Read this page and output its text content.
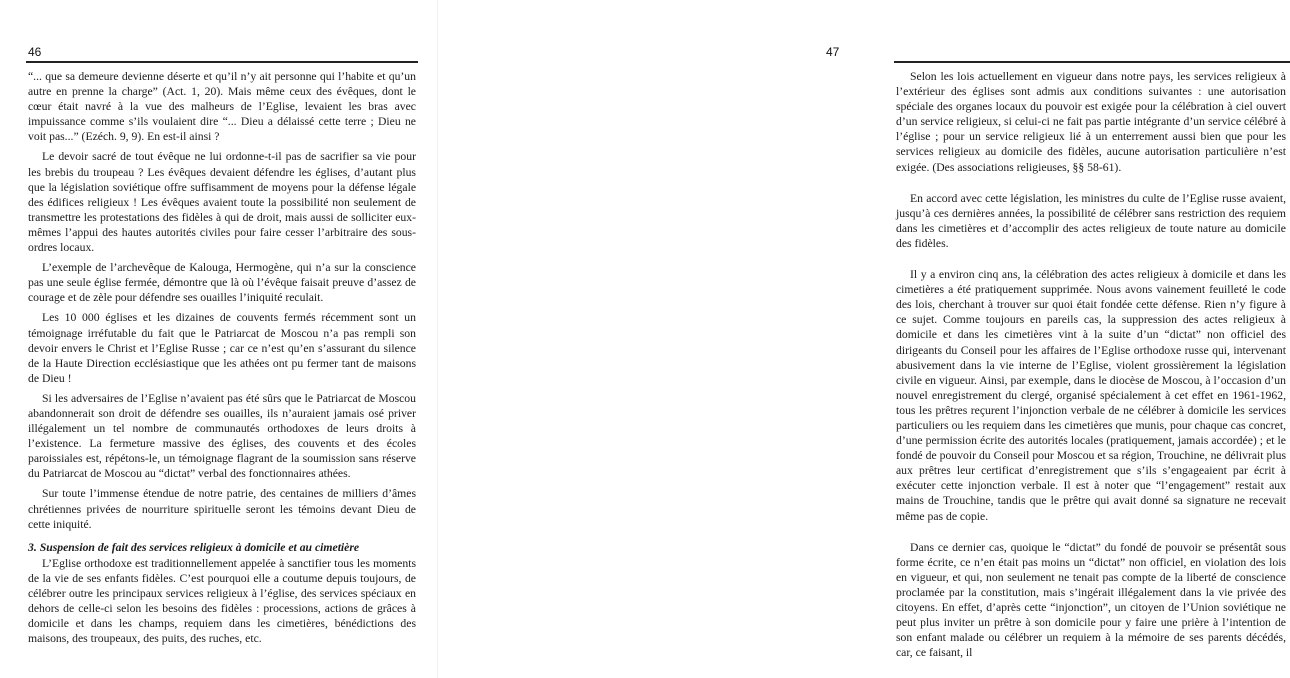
46

“... que sa demeure devienne déserte et qu’il n’y ait personne qui l’habite et qu’un autre en prenne la charge” (Act. 1, 20). Mais même ceux des évêques, dont le cœur était navré à la vue des malheurs de l’Eglise, levaient les bras avec impuissance comme s’ils voulaient dire “... Dieu a délaissé cette terre ; Dieu ne voit pas...” (Ezéch. 9, 9). En est-il ainsi ?

Le devoir sacré de tout évêque ne lui ordonne-t-il pas de sacrifier sa vie pour les brebis du troupeau ? Les évêques devaient défendre les églises, d’autant plus que la législation soviétique offre suffisamment de moyens pour la défense légale des édifices religieux ! Les évêques avaient toute la possibilité non seulement de transmettre les protestations des fidèles à qui de droit, mais aussi de solliciter eux-mêmes l’appui des hautes autorités civiles pour faire cesser l’arbitraire des sous-ordres locaux.

L’exemple de l’archevêque de Kalouga, Hermogène, qui n’a sur la conscience pas une seule église fermée, démontre que là où l’évêque faisait preuve d’assez de courage et de zèle pour défendre ses ouailles l’iniquité reculait.

Les 10 000 églises et les dizaines de couvents fermés récemment sont un témoignage irréfutable du fait que le Patriarcat de Moscou n’a pas rempli son devoir envers le Christ et l’Eglise Russe ; car ce n’est qu’en s’assurant du silence de la Haute Direction ecclésiastique que les athées ont pu fermer tant de maisons de Dieu !

Si les adversaires de l’Eglise n’avaient pas été sûrs que le Patriarcat de Moscou abandonnerait son droit de défendre ses ouailles, ils n’auraient jamais osé priver illégalement un tel nombre de communautés orthodoxes de leurs droits à l’existence. La fermeture massive des églises, des couvents et des écoles paroissiales est, répétons-le, un témoignage flagrant de la soumission sans réserve du Patriarcat de Moscou au “dictat” verbal des fonctionnaires athées.

Sur toute l’immense étendue de notre patrie, des centaines de milliers d’âmes chrétiennes privées de nourriture spirituelle seront les témoins devant Dieu de cette iniquité.

3. Suspension de fait des services religieux à domicile et au cimetière

L’Eglise orthodoxe est traditionnellement appelée à sanctifier tous les moments de la vie de ses enfants fidèles. C’est pourquoi elle a coutume depuis toujours, de célébrer outre les principaux services religieux à l’église, des services spéciaux en dehors de celle-ci selon les besoins des fidèles : processions, actions de grâces à domicile et dans les champs, requiem dans les cimetières, bénédictions des maisons, des troupeaux, des puits, des ruches, etc.

47

Selon les lois actuellement en vigueur dans notre pays, les services religieux à l’extérieur des églises sont admis aux conditions suivantes : une autorisation spéciale des organes locaux du pouvoir est exigée pour la célébration à ciel ouvert d’un service religieux, si celui-ci ne fait pas partie intégrante d’un service célébré à l’église ; pour un service religieux lié à un enterrement aussi bien que pour les services religieux au domicile des fidèles, aucune autorisation particulière n’est exigée. (Des associations religieuses, §§ 58-61).

En accord avec cette législation, les ministres du culte de l’Eglise russe avaient, jusqu’à ces dernières années, la possibilité de célébrer sans restriction des requiem dans les cimetières et d’accomplir des actes religieux de toute nature au domicile des fidèles.

Il y a environ cinq ans, la célébration des actes religieux à domicile et dans les cimetières a été pratiquement supprimée. Nous avons vainement feuilleté le code des lois, cherchant à trouver sur quoi était fondée cette défense. Rien n’y figure à ce sujet. Comme toujours en pareils cas, la suppression des actes religieux à domicile et dans les cimetières vint à la suite d’un “dictat” non officiel des dirigeants du Conseil pour les affaires de l’Eglise orthodoxe russe qui, intervenant abusivement dans la vie interne de l’Eglise, violent grossièrement la législation civile en vigueur. Ainsi, par exemple, dans le diocèse de Moscou, à l’occasion d’un nouvel enregistrement du clergé, organisé spécialement à cet effet en 1961-1962, tous les prêtres reçurent l’injonction verbale de ne célébrer à domicile les services particuliers ou les requiem dans les cimetières que munis, pour chaque cas concret, d’une permission écrite des autorités locales (pratiquement, jamais accordée) ; et le fondé de pouvoir du Conseil pour Moscou et sa région, Trouchine, ne délivrait plus aux prêtres leur certificat d’enregistrement que s’ils s’engageaient par écrit à exécuter cette injonction verbale. Il est à noter que “l’engagement” restait aux mains de Trouchine, tandis que le prêtre qui avait donné sa signature ne recevait même pas de copie.

Dans ce dernier cas, quoique le “dictat” du fondé de pouvoir se présentât sous forme écrite, ce n’en était pas moins un “dictat” non officiel, en violation des lois en vigueur, et qui, non seulement ne tenait pas compte de la liberté de conscience proclamée par la constitution, mais s’ingérait illégalement dans la vie privée des citoyens. En effet, d’après cette “injonction”, un citoyen de l’Union soviétique ne peut plus inviter un prêtre à son domicile pour y faire une prière à l’intention de son enfant malade ou célébrer un requiem à la mémoire de ses parents décédés, car, ce faisant, il
